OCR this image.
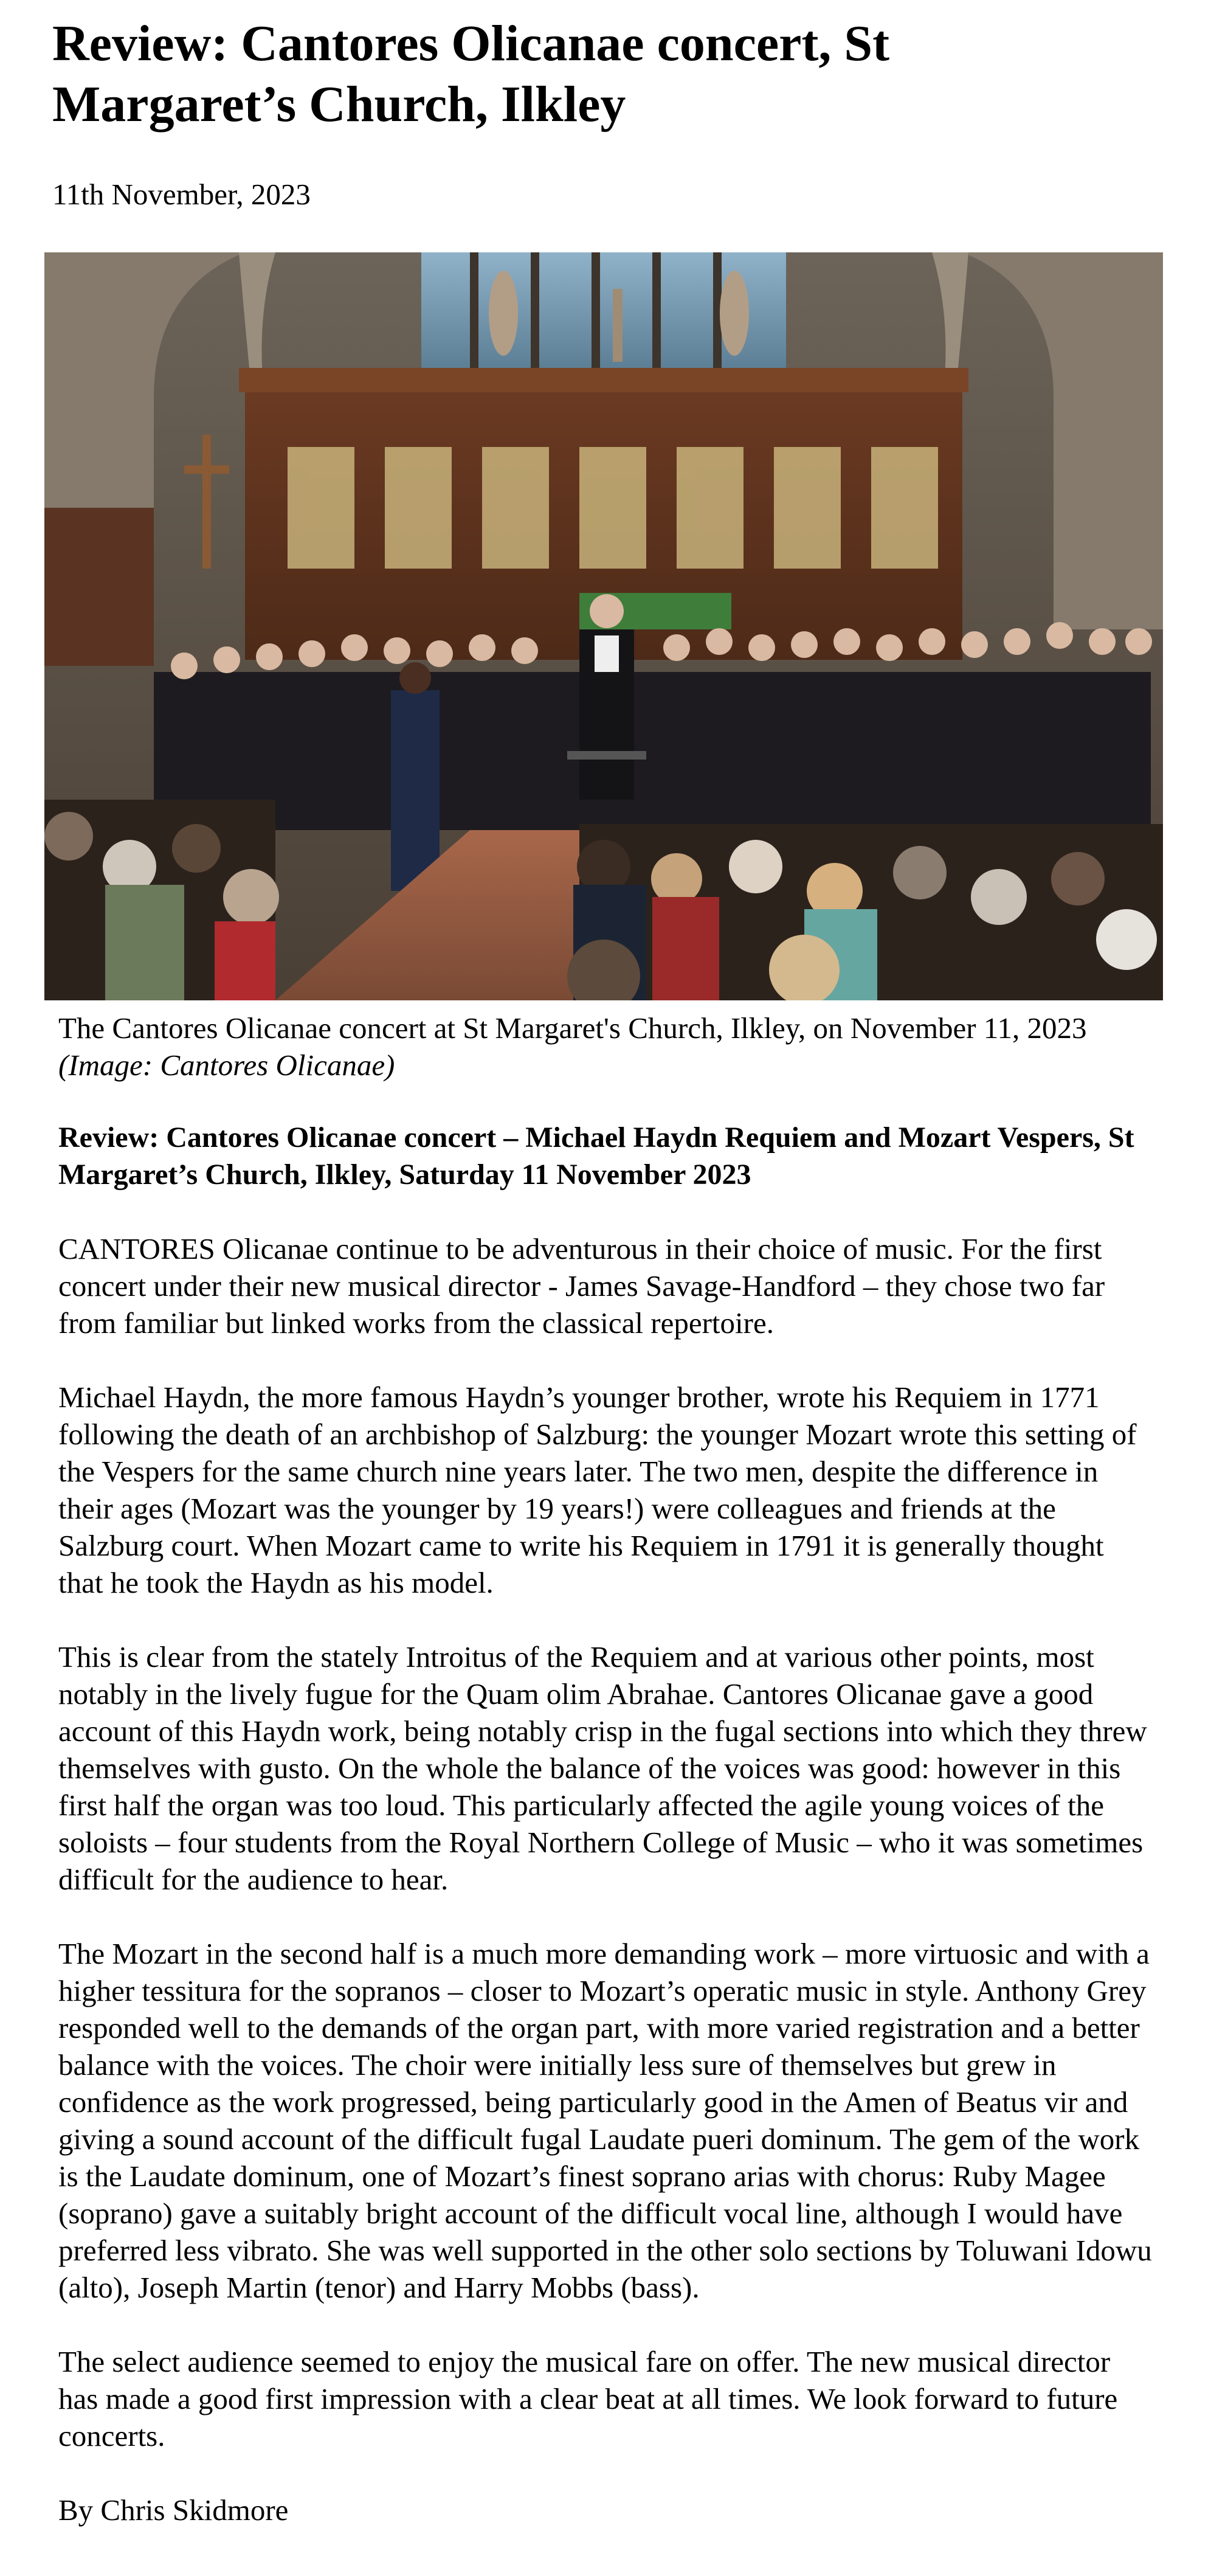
Review: Cantores Olicanae concert, St Margaret’s Church, Ilkley

11th November, 2023

The Cantores Olicanae concert at St Margaret's Church, Ilkley, on November 11, 2023 (Image: Cantores Olicanae)

Review: Cantores Olicanae concert – Michael Haydn Requiem and Mozart Vespers, St Margaret’s Church, Ilkley, Saturday 11 November 2023

CANTORES Olicanae continue to be adventurous in their choice of music. For the first concert under their new musical director - James Savage-Handford – they chose two far from familiar but linked works from the classical repertoire.

Michael Haydn, the more famous Haydn’s younger brother, wrote his Requiem in 1771 following the death of an archbishop of Salzburg: the younger Mozart wrote this setting of the Vespers for the same church nine years later. The two men, despite the difference in their ages (Mozart was the younger by 19 years!) were colleagues and friends at the Salzburg court. When Mozart came to write his Requiem in 1791 it is generally thought that he took the Haydn as his model.

This is clear from the stately Introitus of the Requiem and at various other points, most notably in the lively fugue for the Quam olim Abrahae. Cantores Olicanae gave a good account of this Haydn work, being notably crisp in the fugal sections into which they threw themselves with gusto. On the whole the balance of the voices was good: however in this first half the organ was too loud. This particularly affected the agile young voices of the soloists – four students from the Royal Northern College of Music – who it was sometimes difficult for the audience to hear.

The Mozart in the second half is a much more demanding work – more virtuosic and with a higher tessitura for the sopranos – closer to Mozart’s operatic music in style. Anthony Grey responded well to the demands of the organ part, with more varied registration and a better balance with the voices. The choir were initially less sure of themselves but grew in confidence as the work progressed, being particularly good in the Amen of Beatus vir and giving a sound account of the difficult fugal Laudate pueri dominum. The gem of the work is the Laudate dominum, one of Mozart’s finest soprano arias with chorus: Ruby Magee (soprano) gave a suitably bright account of the difficult vocal line, although I would have preferred less vibrato. She was well supported in the other solo sections by Toluwani Idowu (alto), Joseph Martin (tenor) and Harry Mobbs (bass).

The select audience seemed to enjoy the musical fare on offer. The new musical director has made a good first impression with a clear beat at all times. We look forward to future concerts.

By Chris Skidmore
